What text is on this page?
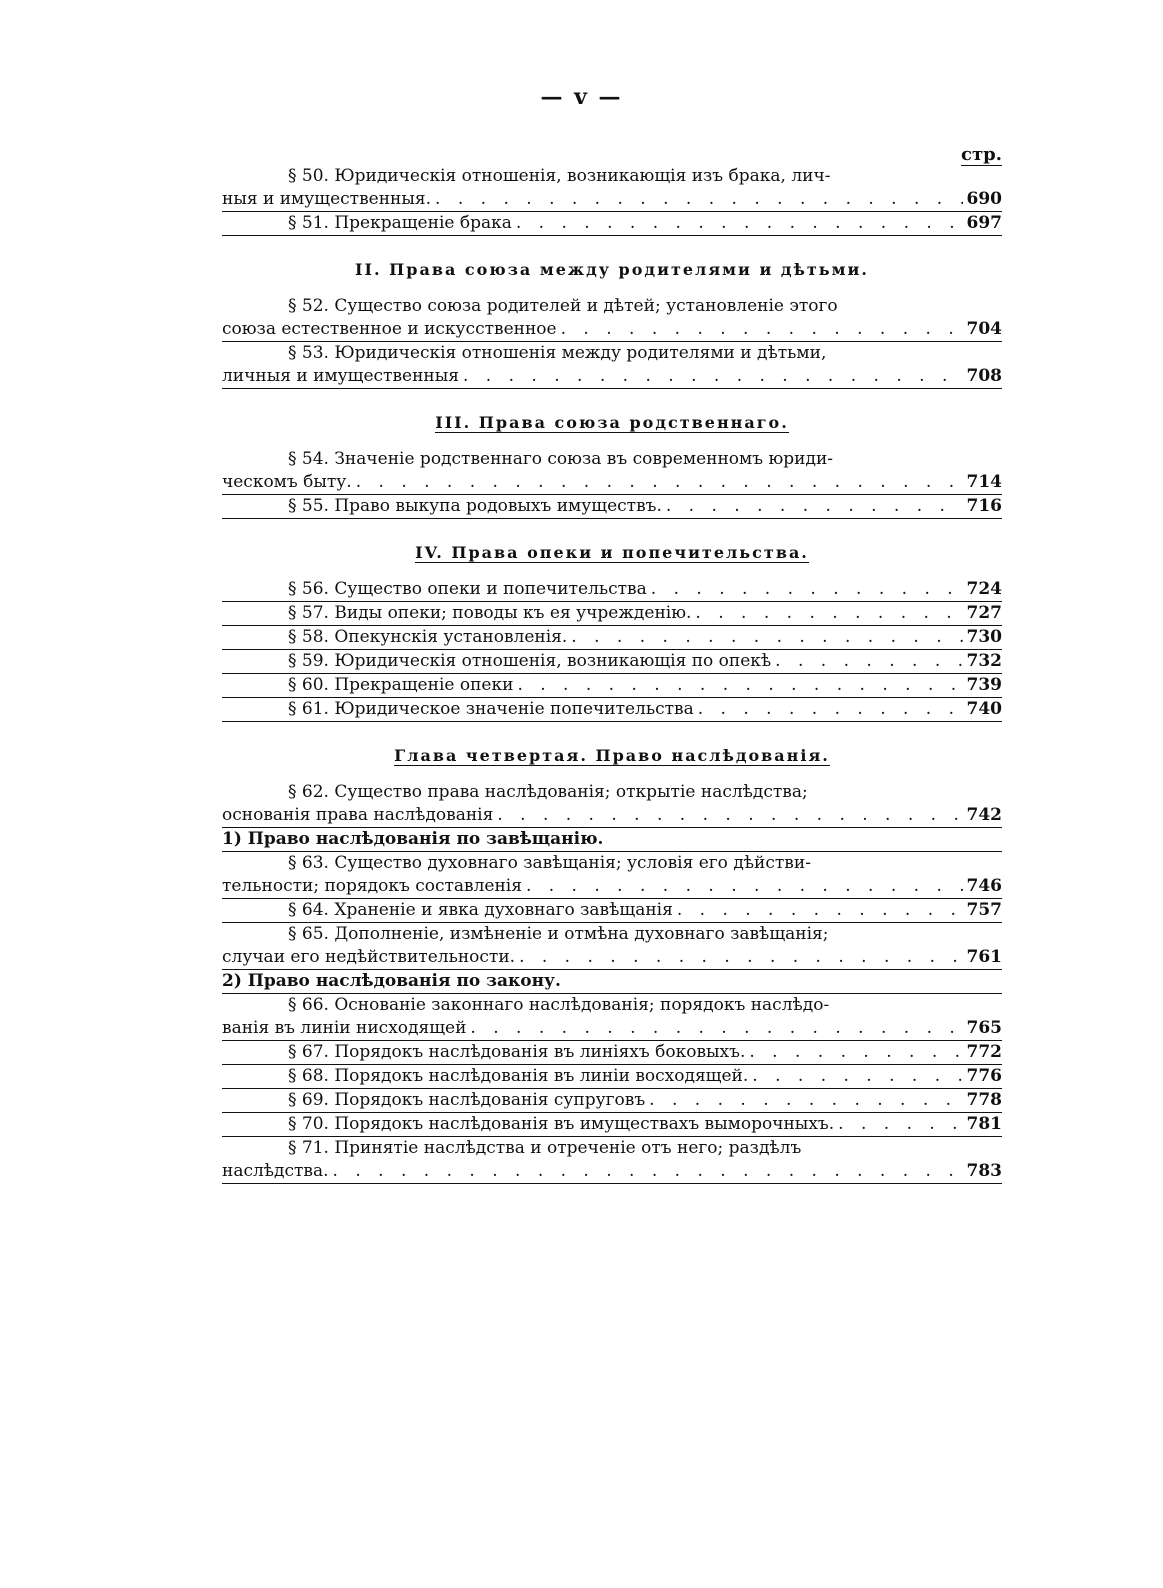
— v —
стр.
§ 50. Юридическія отношенія, возникающія изъ брака, лич-
ныя и имущественныя. . . .	690
§ 51. Прекращеніе брака . . .	697
II. Права союза между родителями и дѣтьми.
§ 52. Существо союза родителей и дѣтей; установленіе этого
союза естественное и искусственное . . .	704
§ 53. Юридическія отношенія между родителями и дѣтьми,
личныя и имущественныя . . .	708
III. Права союза родственнаго.
§ 54. Значеніе родственнаго союза въ современномъ юриди-
ческомъ быту. . . .	714
§ 55. Право выкупа родовыхъ имуществъ. . . .	716
IV. Права опеки и попечительства.
§ 56. Существо опеки и попечительства . . .	724
§ 57. Виды опеки; поводы къ ея учрежденію. . . .	727
§ 58. Опекунскія установленія. . . .	730
§ 59. Юридическія отношенія, возникающія по опекѣ . . .	732
§ 60. Прекращеніе опеки . . .	739
§ 61. Юридическое значеніе попечительства . . .	740
Глава четвертая. Право наслѣдованія.
§ 62. Существо права наслѣдованія; открытіе наслѣдства;
основанія права наслѣдованія . . .	742
1) Право наслѣдованія по завѣщанію.
§ 63. Существо духовнаго завѣщанія; условія его дѣйстви-
тельности; порядокъ составленія . . .	746
§ 64. Храненіе и явка духовнаго завѣщанія . . .	757
§ 65. Дополненіе, измѣненіе и отмѣна духовнаго завѣщанія;
случаи его недѣйствительности. . . .	761
2) Право наслѣдованія по закону.
§ 66. Основаніе законнаго наслѣдованія; порядокъ наслѣдо-
ванія въ линіи нисходящей . . .	765
§ 67. Порядокъ наслѣдованія въ линіяхъ боковыхъ. . . .	772
§ 68. Порядокъ наслѣдованія въ линіи восходящей. . . .	776
§ 69. Порядокъ наслѣдованія супруговъ . . .	778
§ 70. Порядокъ наслѣдованія въ имуществахъ выморочныхъ. . . .	781
§ 71. Принятіе наслѣдства и отреченіе отъ него; раздѣлъ
наслѣдства. . . .	783
